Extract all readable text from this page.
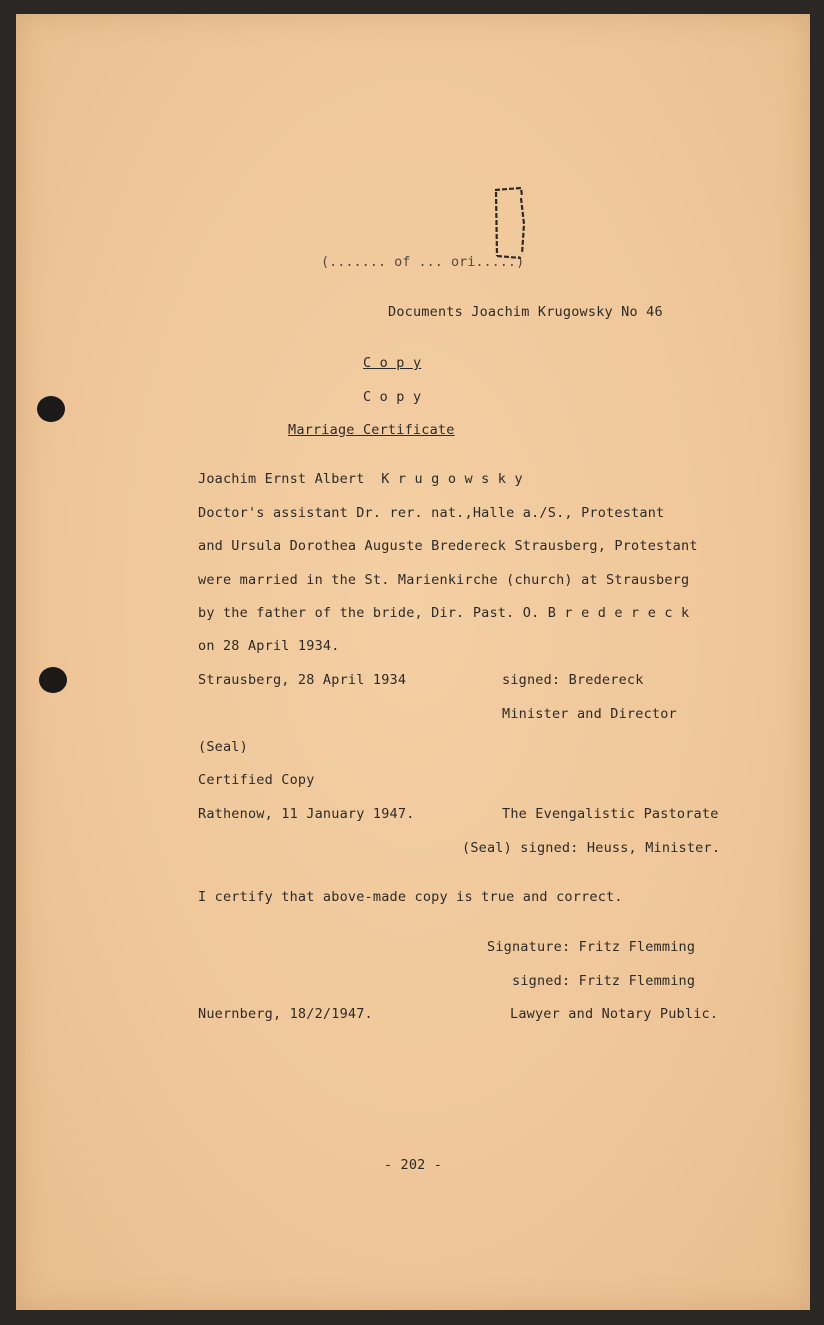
(....... of ... ori.....)
Documents Joachim Krugowsky No 46
C o p y
C o p y
Marriage Certificate
Joachim Ernst Albert  K r u g o w s k y
Doctor's assistant Dr. rer. nat.,Halle a./S., Protestant
and Ursula Dorothea Auguste Bredereck Strausberg, Protestant
were married in the St. Marienkirche (church) at Strausberg
by the father of the bride, Dir. Past. O. B r e d e r e c k
on 28 April 1934.
Strausberg, 28 April 1934	signed: Bredereck
Minister and Director
(Seal)
Certified Copy
Rathenow, 11 January 1947.	The Evengalistic Pastorate
(Seal) signed: Heuss, Minister.
I certify that above-made copy is true and correct.
Signature: Fritz Flemming
signed: Fritz Flemming
Nuernberg, 18/2/1947.	Lawyer and Notary Public.
- 202 -
